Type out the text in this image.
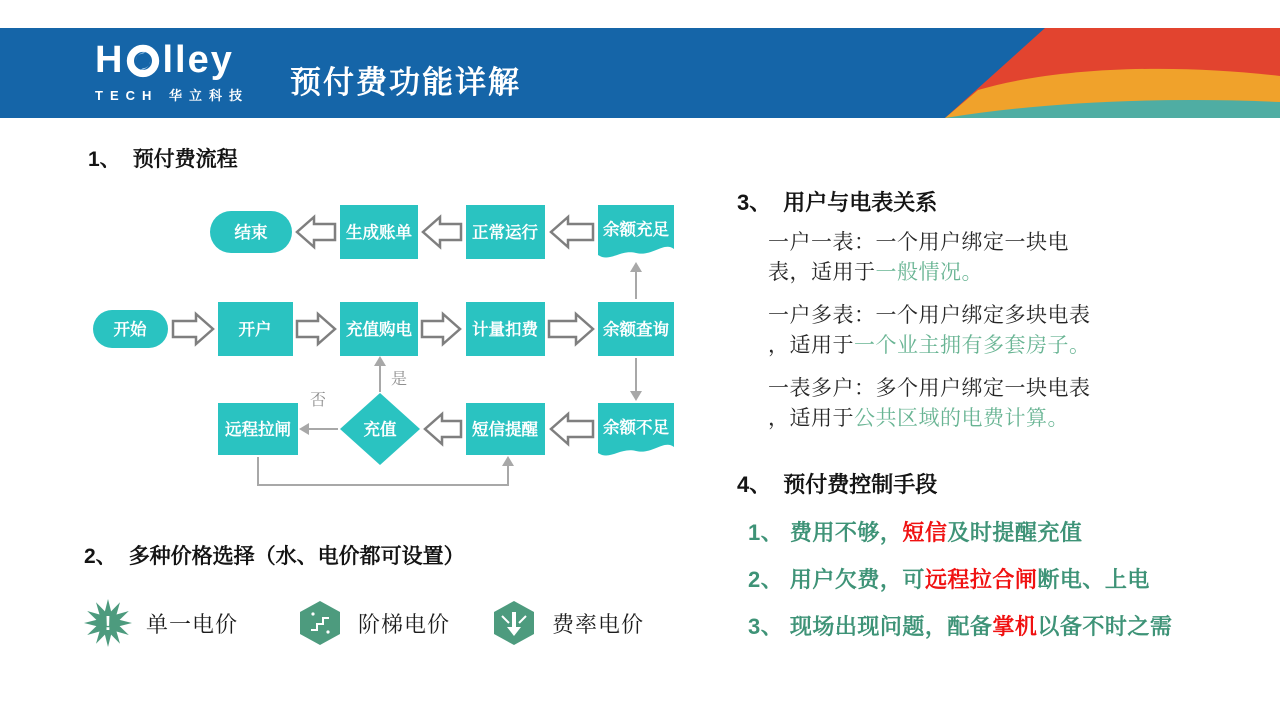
H lley
TECH 华立科技 预付费功能详解
1、 预付费流程
2、 多种价格选择（水、电价都可设置）
3、 用户与电表关系
4、 预付费控制手段
是
否
结束	生成账单	正常运行	余额充足
开始	开户	充值购电	计量扣费	余额查询
远程拉闸	充值	短信提醒	余额不足
! 单一电价	阶梯电价	费率电价

一户一表：一个用户绑定一块电
表，适用于一般情况。

一户多表：一个用户绑定多块电表
，适用于一个业主拥有多套房子。

一表多户：多个用户绑定一块电表
，适用于公共区域的电费计算。

1、 费用不够，短信及时提醒充值
2、 用户欠费，可远程拉合闸断电、上电
3、 现场出现问题，配备掌机以备不时之需
